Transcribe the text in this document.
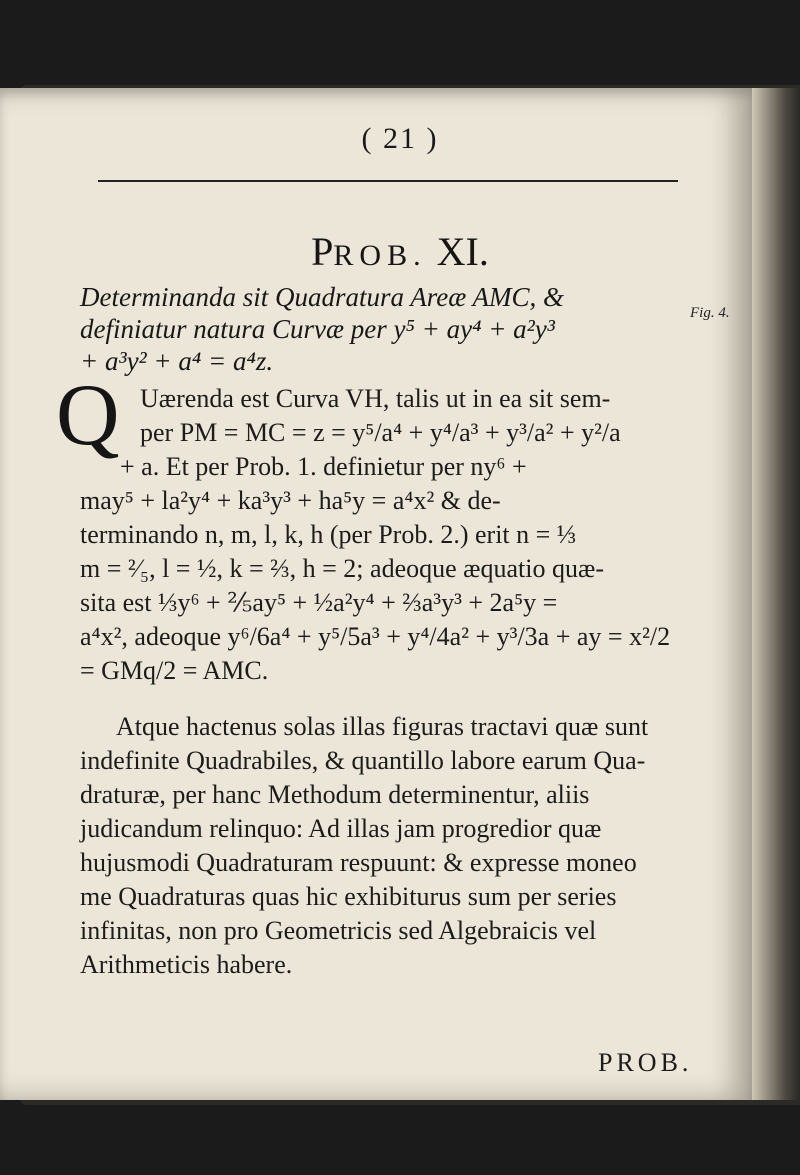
( 21 )
PROB. XI.
Fig. 4.
Determinanda sit Quadratura Areæ AMC, &
definiatur natura Curvæ per y⁵ + ay⁴ + a²y³
+ a³y² + a⁴ = a⁴z.
Q Uærenda est Curva VH, talis ut in ea sit sem-
per PM = MC = z = y⁵/a⁴ + y⁴/a³ + y³/a² + y²/a
+ a. Et per Prob. 1. definietur per ny⁶ +
may⁵ + la²y⁴ + ka³y³ + ha⁵y = a⁴x² & de-
terminando n, m, l, k, h (per Prob. 2.) erit n = ⅓
m = ²⁄₅, l = ½, k = ⅔, h = 2; adeoque æquatio quæ-
sita est ⅓y⁶ + ⅖ay⁵ + ½a²y⁴ + ⅔a³y³ + 2a⁵y =
a⁴x², adeoque y⁶/6a⁴ + y⁵/5a³ + y⁴/4a² + y³/3a + ay = x²/2
= GMq/2 = AMC.
Atque hactenus solas illas figuras tractavi quæ sunt
indefinite Quadrabiles, & quantillo labore earum Qua-
draturæ, per hanc Methodum determinentur, aliis
judicandum relinquo: Ad illas jam progredior quæ
hujusmodi Quadraturam respuunt: & expresse moneo
me Quadraturas quas hic exhibiturus sum per series
infinitas, non pro Geometricis sed Algebraicis vel
Arithmeticis habere.
PROB.
